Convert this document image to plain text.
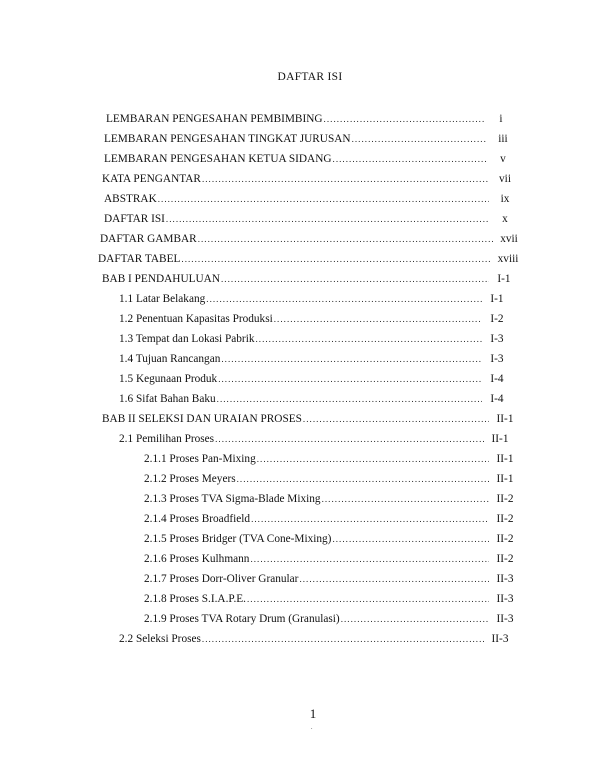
DAFTAR ISI
LEMBARAN PENGESAHAN PEMBIMBING . . .	i
LEMBARAN PENGESAHAN TINGKAT JURUSAN . . .	iii
LEMBARAN PENGESAHAN KETUA SIDANG . . .	v
KATA PENGANTAR . . .	vii
ABSTRAK . . .	ix
DAFTAR ISI . . .	x
DAFTAR GAMBAR . . .	xvii
DAFTAR TABEL . . .	xviii
BAB I PENDAHULUAN . . .	I-1
1.1 Latar Belakang . . .	I-1
1.2 Penentuan Kapasitas Produksi . . .	I-2
1.3 Tempat dan Lokasi Pabrik . . .	I-3
1.4 Tujuan Rancangan . . .	I-3
1.5 Kegunaan Produk . . .	I-4
1.6 Sifat Bahan Baku . . .	I-4
BAB II SELEKSI DAN URAIAN PROSES . . .	II-1
2.1 Pemilihan Proses . . .	II-1
2.1.1 Proses Pan-Mixing . . .	II-1
2.1.2 Proses Meyers . . .	II-1
2.1.3 Proses TVA Sigma-Blade Mixing . . .	II-2
2.1.4 Proses Broadfield . . .	II-2
2.1.5 Proses Bridger (TVA Cone-Mixing) . . .	II-2
2.1.6 Proses Kulhmann . . .	II-2
2.1.7 Proses Dorr-Oliver Granular . . .	II-3
2.1.8 Proses S.I.A.P.E. . . .	II-3
2.1.9 Proses TVA Rotary Drum (Granulasi) . . .	II-3
2.2 Seleksi Proses . . .	II-3
1
.
